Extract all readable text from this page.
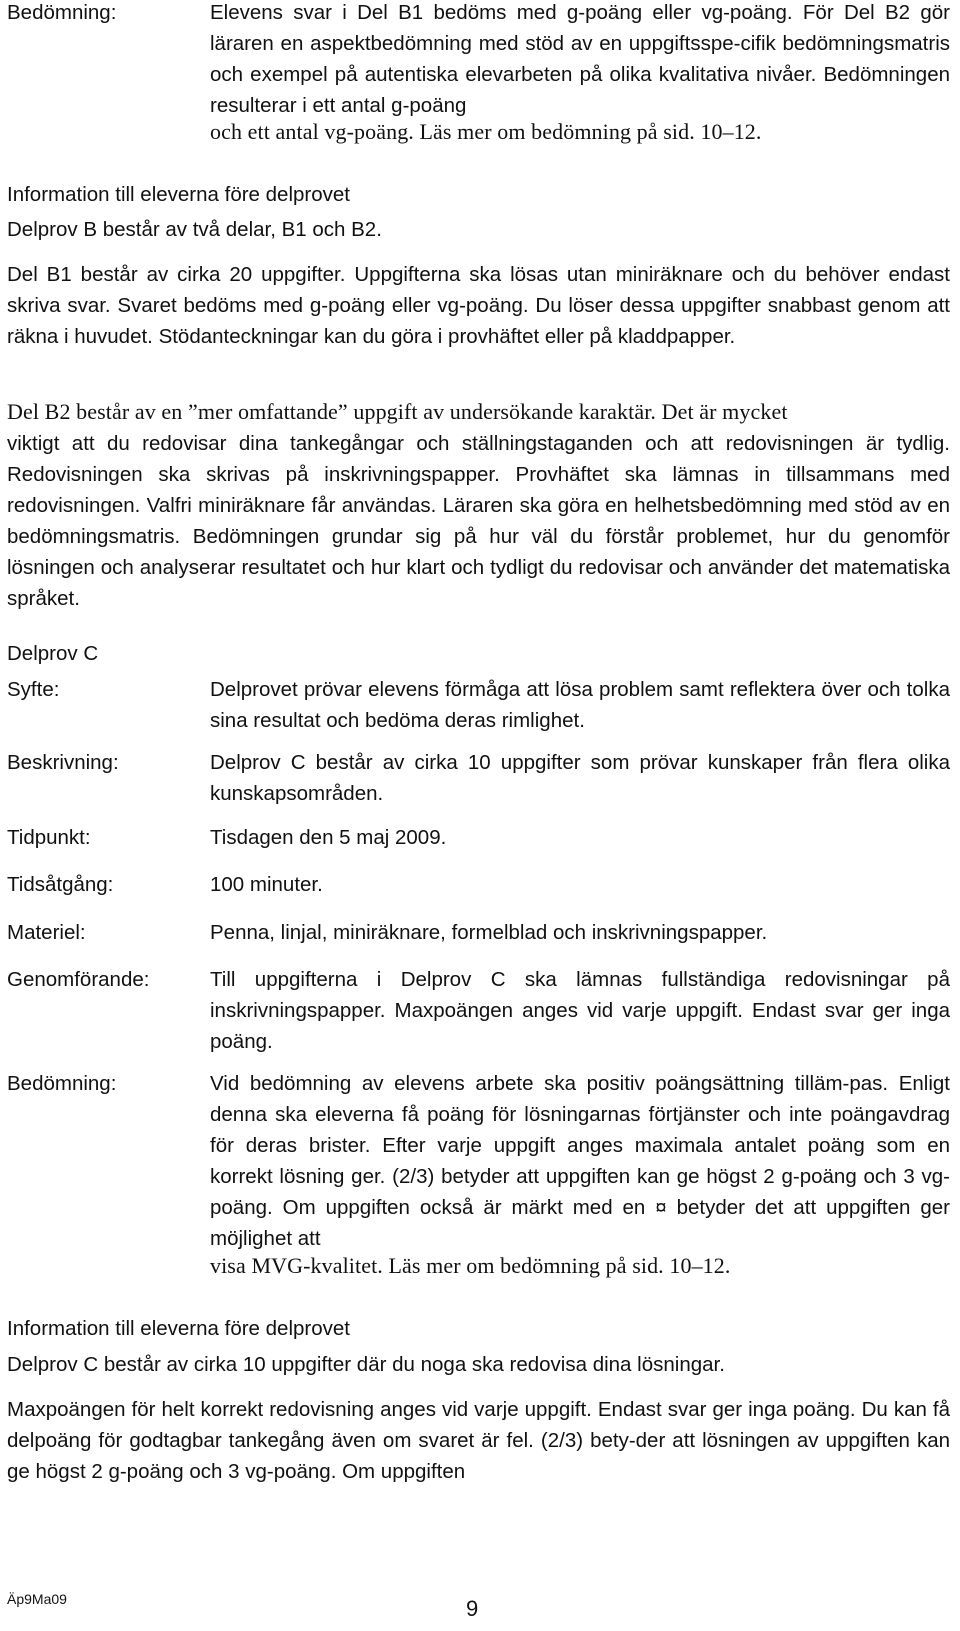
Bedömning:	Elevens svar i Del B1 bedöms med g-poäng eller vg-poäng. För Del B2 gör läraren en aspektbedömning med stöd av en uppgiftsspe-cifik bedömningsmatris och exempel på autentiska elevarbeten på olika kvalitativa nivåer. Bedömningen resulterar i ett antal g-poäng

och ett antal vg-poäng. Läs mer om bedömning på sid. 10–12.

Information till eleverna före delprovet

Delprov B består av två delar, B1 och B2.

Del B1 består av cirka 20 uppgifter. Uppgifterna ska lösas utan miniräknare och du behöver endast skriva svar. Svaret bedöms med g-poäng eller vg-poäng. Du löser dessa uppgifter snabbast genom att räkna i huvudet. Stödanteckningar kan du göra i provhäftet eller på kladdpapper.

Del B2 består av en ”mer omfattande” uppgift av undersökande karaktär. Det är mycket

viktigt att du redovisar dina tankegångar och ställningstaganden och att redovisningen är tydlig. Redovisningen ska skrivas på inskrivningspapper. Provhäftet ska lämnas in tillsammans med redovisningen. Valfri miniräknare får användas. Läraren ska göra en helhetsbedömning med stöd av en bedömningsmatris. Bedömningen grundar sig på hur väl du förstår problemet, hur du genomför lösningen och analyserar resultatet och hur klart och tydligt du redovisar och använder det matematiska språket.

Delprov C

Syfte:	Delprovet prövar elevens förmåga att lösa problem samt reflektera över och tolka sina resultat och bedöma deras rimlighet.

Beskrivning:	Delprov C består av cirka 10 uppgifter som prövar kunskaper från flera olika kunskapsområden.

Tidpunkt:	Tisdagen den 5 maj 2009.

Tidsåtgång:	100 minuter.

Materiel:	Penna, linjal, miniräknare, formelblad och inskrivningspapper.

Genomförande:	Till uppgifterna i Delprov C ska lämnas fullständiga redovisningar på inskrivningspapper. Maxpoängen anges vid varje uppgift. Endast svar ger inga poäng.

Bedömning:	Vid bedömning av elevens arbete ska positiv poängsättning tilläm-pas. Enligt denna ska eleverna få poäng för lösningarnas förtjänster och inte poängavdrag för deras brister. Efter varje uppgift anges maximala antalet poäng som en korrekt lösning ger. (2/3) betyder att uppgiften kan ge högst 2 g-poäng och 3 vg-poäng. Om uppgiften också är märkt med en ¤ betyder det att uppgiften ger möjlighet att

visa MVG-kvalitet. Läs mer om bedömning på sid. 10–12.

Information till eleverna före delprovet

Delprov C består av cirka 10 uppgifter där du noga ska redovisa dina lösningar.

Maxpoängen för helt korrekt redovisning anges vid varje uppgift. Endast svar ger inga poäng. Du kan få delpoäng för godtagbar tankegång även om svaret är fel. (2/3) bety-der att lösningen av uppgiften kan ge högst 2 g-poäng och 3 vg-poäng. Om uppgiften

Äp9Ma09	9
